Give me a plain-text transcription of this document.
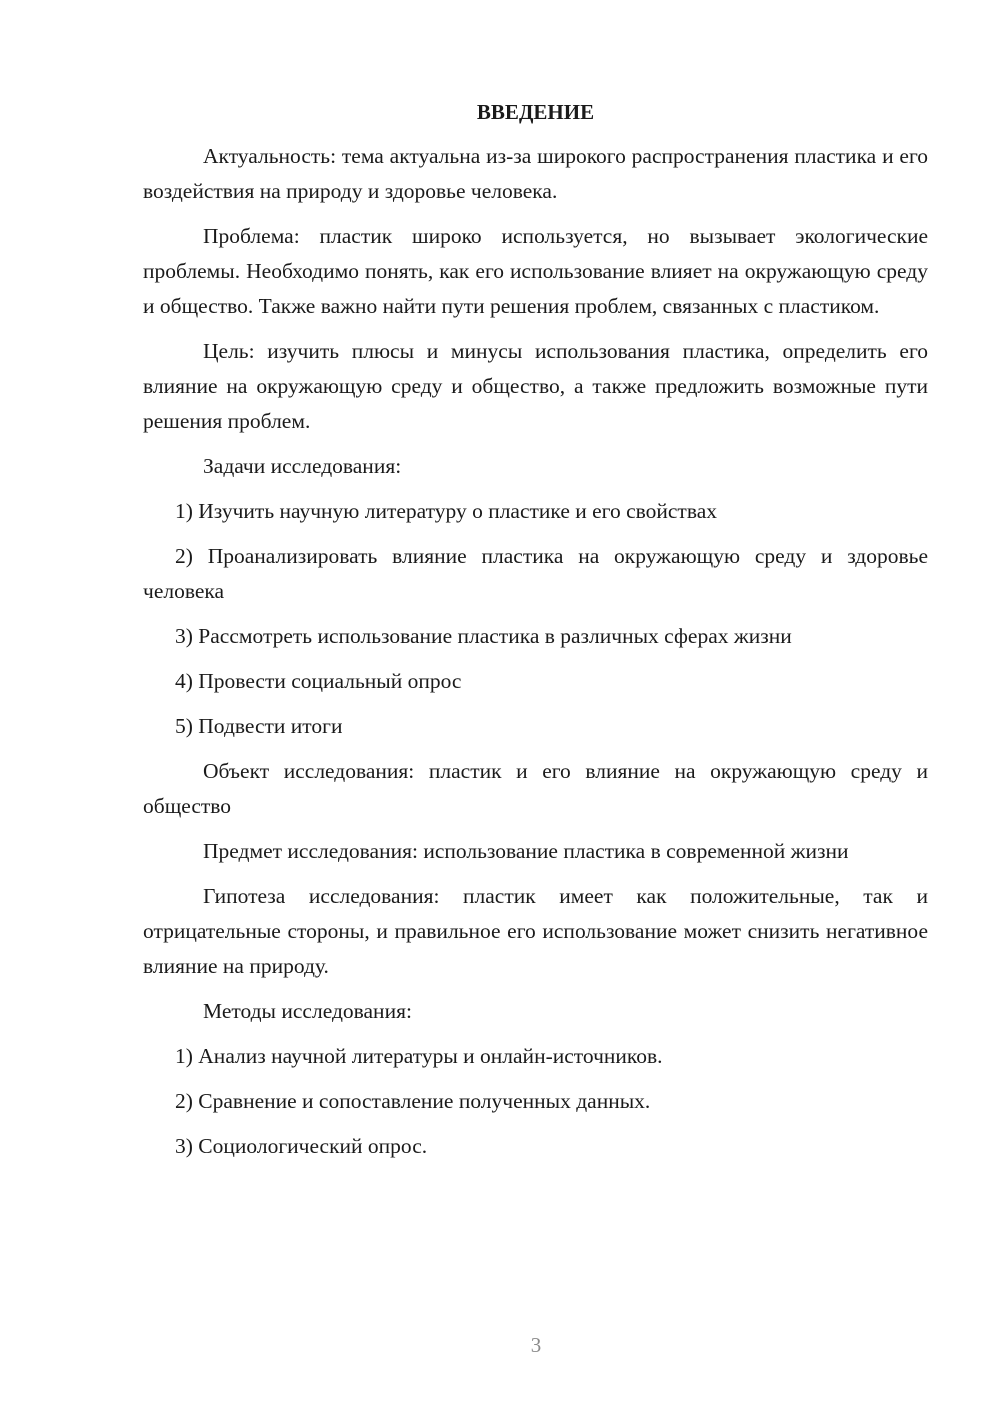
ВВЕДЕНИЕ

Актуальность: тема актуальна из-за широкого распространения пластика и его воздействия на природу и здоровье человека.

Проблема: пластик широко используется, но вызывает экологические проблемы. Необходимо понять, как его использование влияет на окружающую среду и общество. Также важно найти пути решения проблем, связанных с пластиком.

Цель: изучить плюсы и минусы использования пластика, определить его влияние на окружающую среду и общество, а также предложить возможные пути решения проблем.

Задачи исследования:

1) Изучить научную литературу о пластике и его свойствах

2) Проанализировать влияние пластика на окружающую среду и здоровье человека

3) Рассмотреть использование пластика в различных сферах жизни

4) Провести социальный опрос

5) Подвести итоги

Объект исследования: пластик и его влияние на окружающую среду и общество

Предмет исследования: использование пластика в современной жизни

Гипотеза исследования: пластик имеет как положительные, так и отрицательные стороны, и правильное его использование может снизить негативное влияние на природу.

Методы исследования:

1) Анализ научной литературы и онлайн-источников.

2) Сравнение и сопоставление полученных данных.

3) Социологический опрос.

3
